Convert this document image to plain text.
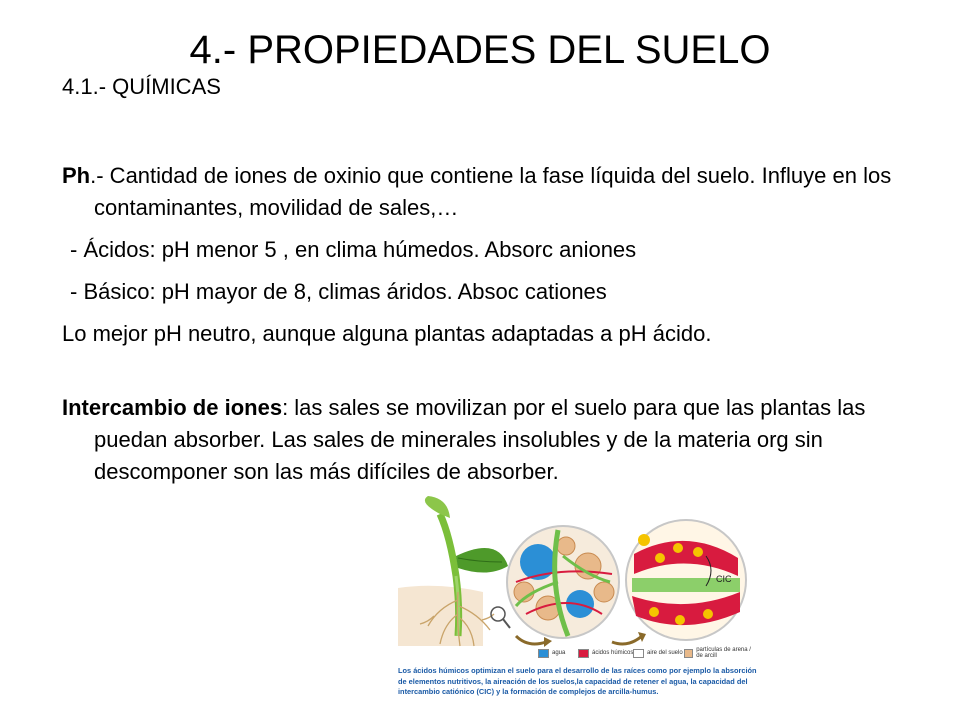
4.- PROPIEDADES DEL SUELO
4.1.- QUÍMICAS

Ph.- Cantidad de iones de oxinio que contiene la fase líquida del suelo. Influye en los contaminantes, movilidad de sales,…

- Ácidos: pH menor 5 , en clima húmedos. Absorc aniones

- Básico: pH mayor de 8, climas áridos. Absoc cationes

Lo mejor pH neutro, aunque alguna plantas adaptadas a pH ácido.

Intercambio de iones: las sales se movilizan por el suelo para que las plantas las puedan absorber. Las sales de minerales insolubles y de la materia org sin descomponer son las más difíciles de absorber.

CIC
agua	ácidos húmicos aire del suelo partículas de arena / de arcill
Los ácidos húmicos optimizan el suelo para el desarrollo de las raíces como por ejemplo la absorción de elementos nutritivos, la aireación de los suelos,la capacidad de retener el agua, la capacidad del intercambio catiónico (CIC) y la formación de complejos de arcilla-humus.
